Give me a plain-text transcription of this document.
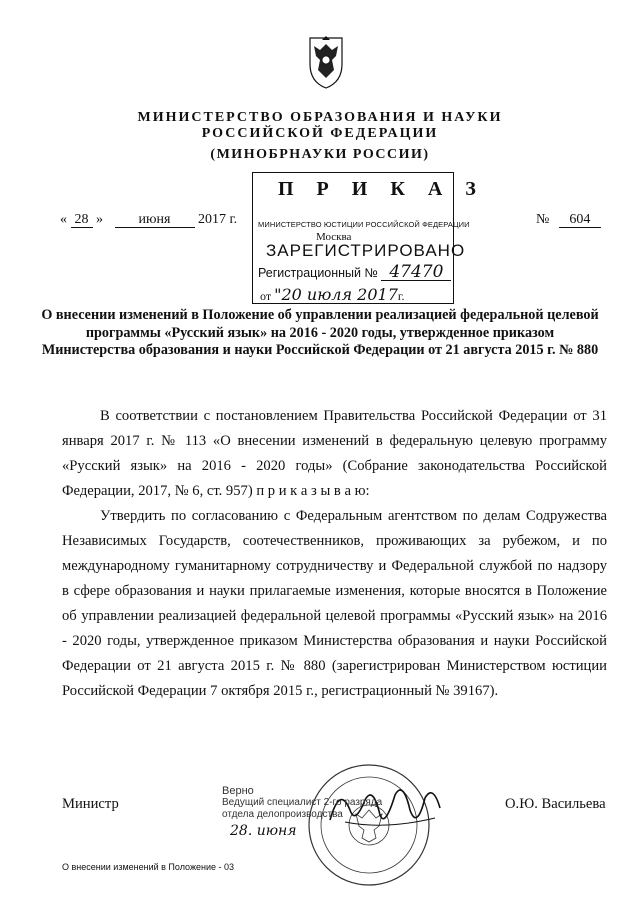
МИНИСТЕРСТВО ОБРАЗОВАНИЯ И НАУКИ
РОССИЙСКОЙ ФЕДЕРАЦИИ
(МИНОБРНАУКИ РОССИИ)
« 28 »	июня 2017 г.	№ 604
П Р И К А З
МИНИСТЕРСТВО ЮСТИЦИИ РОССИЙСКОЙ ФЕДЕРАЦИИ
Москва
ЗАРЕГИСТРИРОВАНО
Регистрационный № 47470
от "20 июля 2017г.
О внесении изменений в Положение об управлении реализацией федеральной целевой программы «Русский язык» на 2016 - 2020 годы, утвержденное приказом Министерства образования и науки Российской Федерации от 21 августа 2015 г. № 880

В соответствии с постановлением Правительства Российской Федерации от 31 января 2017 г. № 113 «О внесении изменений в федеральную целевую программу «Русский язык» на 2016 - 2020 годы» (Собрание законодательства Российской Федерации, 2017, № 6, ст. 957) п р и к а з ы в а ю:

Утвердить по согласованию с Федеральным агентством по делам Содружества Независимых Государств, соотечественников, проживающих за рубежом, и по международному гуманитарному сотрудничеству и Федеральной службой по надзору в сфере образования и науки прилагаемые изменения, которые вносятся в Положение об управлении реализацией федеральной целевой программы «Русский язык» на 2016 - 2020 годы, утвержденное приказом Министерства образования и науки Российской Федерации от 21 августа 2015 г. № 880 (зарегистрирован Министерством юстиции Российской Федерации 7 октября 2015 г., регистрационный № 39167).

Министр
Верно
Ведущий специалист 2-го разряда
отдела делопроизводства
28. июня
О.Ю. Васильева
О внесении изменений в Положение - 03
